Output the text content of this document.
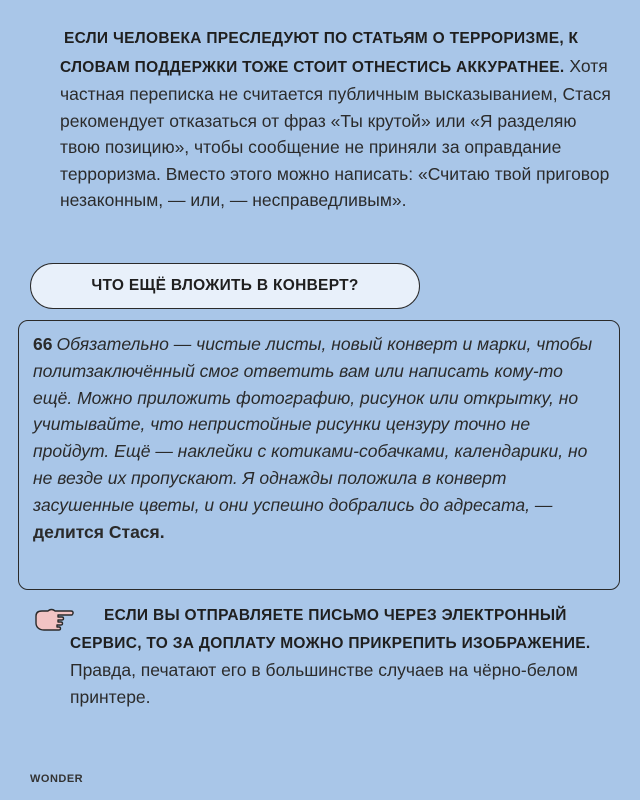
ЕСЛИ ЧЕЛОВЕКА ПРЕСЛЕДУЮТ ПО СТАТЬЯМ О ТЕРРОРИЗМЕ, К СЛОВАМ ПОДДЕРЖКИ ТОЖЕ СТОИТ ОТНЕСТИСЬ АККУРАТНЕЕ. Хотя частная переписка не считается публичным высказыванием, Стася рекомендует отказаться от фраз «Ты крутой» или «Я разделяю твою позицию», чтобы сообщение не приняли за оправдание терроризма. Вместо этого можно написать: «Считаю твой приговор незаконным, — или, — несправедливым».
ЧТО ЕЩЁ ВЛОЖИТЬ В КОНВЕРТ?
66 Обязательно — чистые листы, новый конверт и марки, чтобы политзаключённый смог ответить вам или написать кому-то ещё. Можно приложить фотографию, рисунок или открытку, но учитывайте, что непристойные рисунки цензуру точно не пройдут. Ещё — наклейки с котиками-собачками, календарики, но не везде их пропускают. Я однажды положила в конверт засушенные цветы, и они успешно добрались до адресата, — делится Стася.
ЕСЛИ ВЫ ОТПРАВЛЯЕТЕ ПИСЬМО ЧЕРЕЗ ЭЛЕКТРОННЫЙ СЕРВИС, ТО ЗА ДОПЛАТУ МОЖНО ПРИКРЕПИТЬ ИЗОБРАЖЕНИЕ. Правда, печатают его в большинстве случаев на чёрно-белом принтере.
WONDER
